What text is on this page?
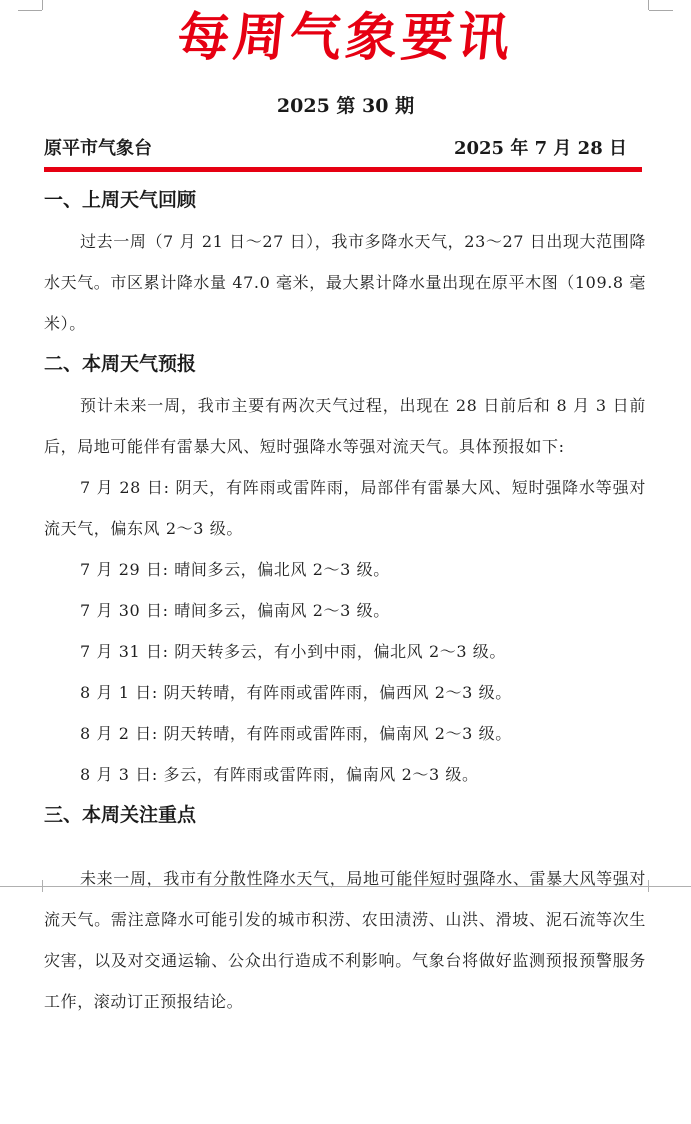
每周气象要讯
2025 第 30 期
原平市气象台	2025 年 7 月 28 日
一、上周天气回顾

过去一周（7 月 21 日～27 日），我市多降水天气，23～27 日出现大范围降水天气。市区累计降水量 47.0 毫米，最大累计降水量出现在原平木图（109.8 毫米）。

二、本周天气预报

预计未来一周，我市主要有两次天气过程，出现在 28 日前后和 8 月 3 日前后，局地可能伴有雷暴大风、短时强降水等强对流天气。具体预报如下:

7 月 28 日: 阴天，有阵雨或雷阵雨，局部伴有雷暴大风、短时强降水等强对流天气，偏东风 2～3 级。

7 月 29 日: 晴间多云，偏北风 2～3 级。

7 月 30 日: 晴间多云，偏南风 2～3 级。

7 月 31 日: 阴天转多云，有小到中雨，偏北风 2～3 级。

8 月 1 日: 阴天转晴，有阵雨或雷阵雨，偏西风 2～3 级。

8 月 2 日: 阴天转晴，有阵雨或雷阵雨，偏南风 2～3 级。

8 月 3 日: 多云，有阵雨或雷阵雨，偏南风 2～3 级。

三、本周关注重点

未来一周，我市有分散性降水天气，局地可能伴短时强降水、雷暴大风等强对流天气。需注意降水可能引发的城市积涝、农田渍涝、山洪、滑坡、泥石流等次生灾害，以及对交通运输、公众出行造成不利影响。气象台将做好监测预报预警服务工作，滚动订正预报结论。
